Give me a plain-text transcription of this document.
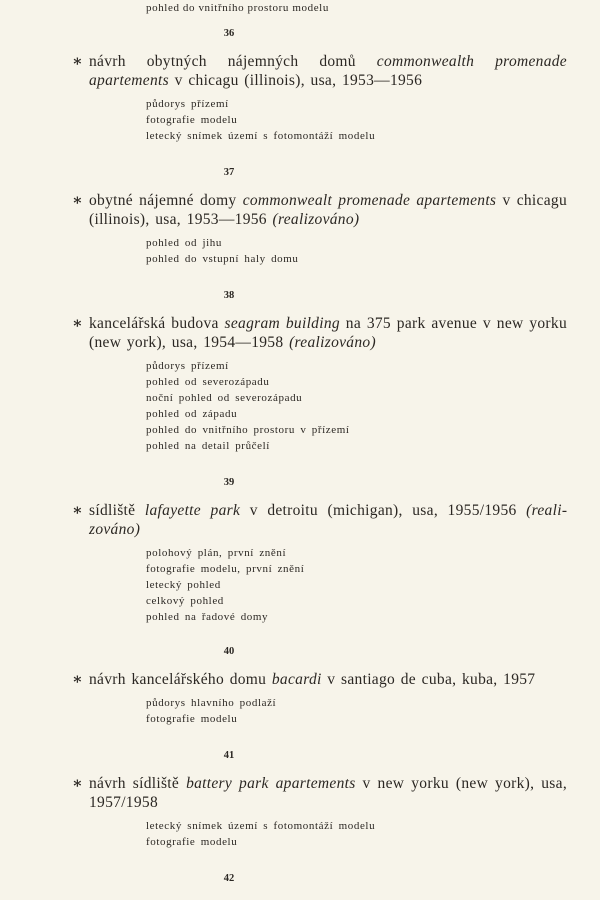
pohled do vnitřního prostoru modelu
36
∗ návrh obytných nájemných domů commonwealth promenade apartements v chicagu (illinois), usa, 1953—1956
půdorys přízemí
fotografie modelu
letecký snímek území s fotomontáží modelu
37
∗ obytné nájemné domy commonwealt promenade apartements v chicagu (illinois), usa, 1953—1956 (realizováno)
pohled od jihu
pohled do vstupní haly domu
38
∗ kancelářská budova seagram building na 375 park avenue v new yorku (new york), usa, 1954—1958 (realizováno)
půdorys přízemí
pohled od severozápadu
noční pohled od severozápadu
pohled od západu
pohled do vnitřního prostoru v přízemí
pohled na detail průčelí
39
∗ sídliště lafayette park v detroitu (michigan), usa, 1955/1956 (realizováno)
polohový plán, první znění
fotografie modelu, první znění
letecký pohled
celkový pohled
pohled na řadové domy
40
∗ návrh kancelářského domu bacardi v santiago de cuba, kuba, 1957
půdorys hlavního podlaží
fotografie modelu
41
∗ návrh sídliště battery park apartements v new yorku (new york), usa, 1957/1958
letecký snímek území s fotomontáží modelu
fotografie modelu
42
